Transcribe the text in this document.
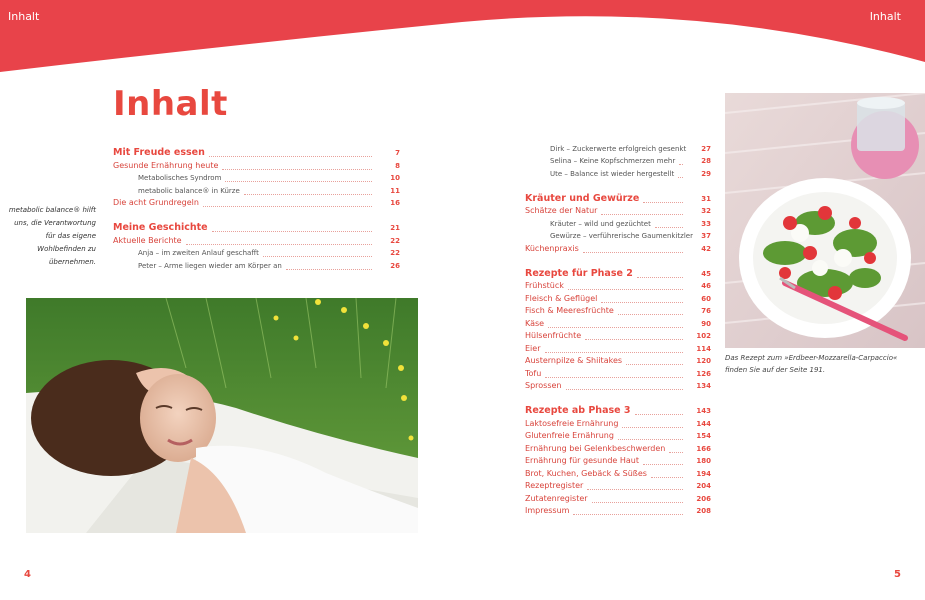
Inhalt	Inhalt
Inhalt
metabolic balance® hilft uns, die Verantwortung für das eigene Wohlbefinden zu übernehmen.
Mit Freude essen	7
Gesunde Ernährung heute	8
Metabolisches Syndrom	10
metabolic balance® in Kürze	11
Die acht Grundregeln	16
Meine Geschichte	21
Aktuelle Berichte	22
Anja – im zweiten Anlauf geschafft	22
Peter – Arme liegen wieder am Körper an	26
Dirk – Zuckerwerte erfolgreich gesenkt	27
Selina – Keine Kopfschmerzen mehr	28
Ute – Balance ist wieder hergestellt	29
Kräuter und Gewürze	31
Schätze der Natur	32
Kräuter – wild und gezüchtet	33
Gewürze – verführerische Gaumenkitzler	37
Küchenpraxis	42
Rezepte für Phase 2	45
Frühstück	46
Fleisch & Geflügel	60
Fisch & Meeresfrüchte	76
Käse	90
Hülsenfrüchte	102
Eier	114
Austernpilze & Shiitakes	120
Tofu	126
Sprossen	134
Rezepte ab Phase 3	143
Laktosefreie Ernährung	144
Glutenfreie Ernährung	154
Ernährung bei Gelenkbeschwerden	166
Ernährung für gesunde Haut	180
Brot, Kuchen, Gebäck & Süßes	194
Rezeptregister	204
Zutatenregister	206
Impressum	208
Das Rezept zum »Erdbeer-Mozzarella-Carpaccio« finden Sie auf der Seite 191.
4	5
